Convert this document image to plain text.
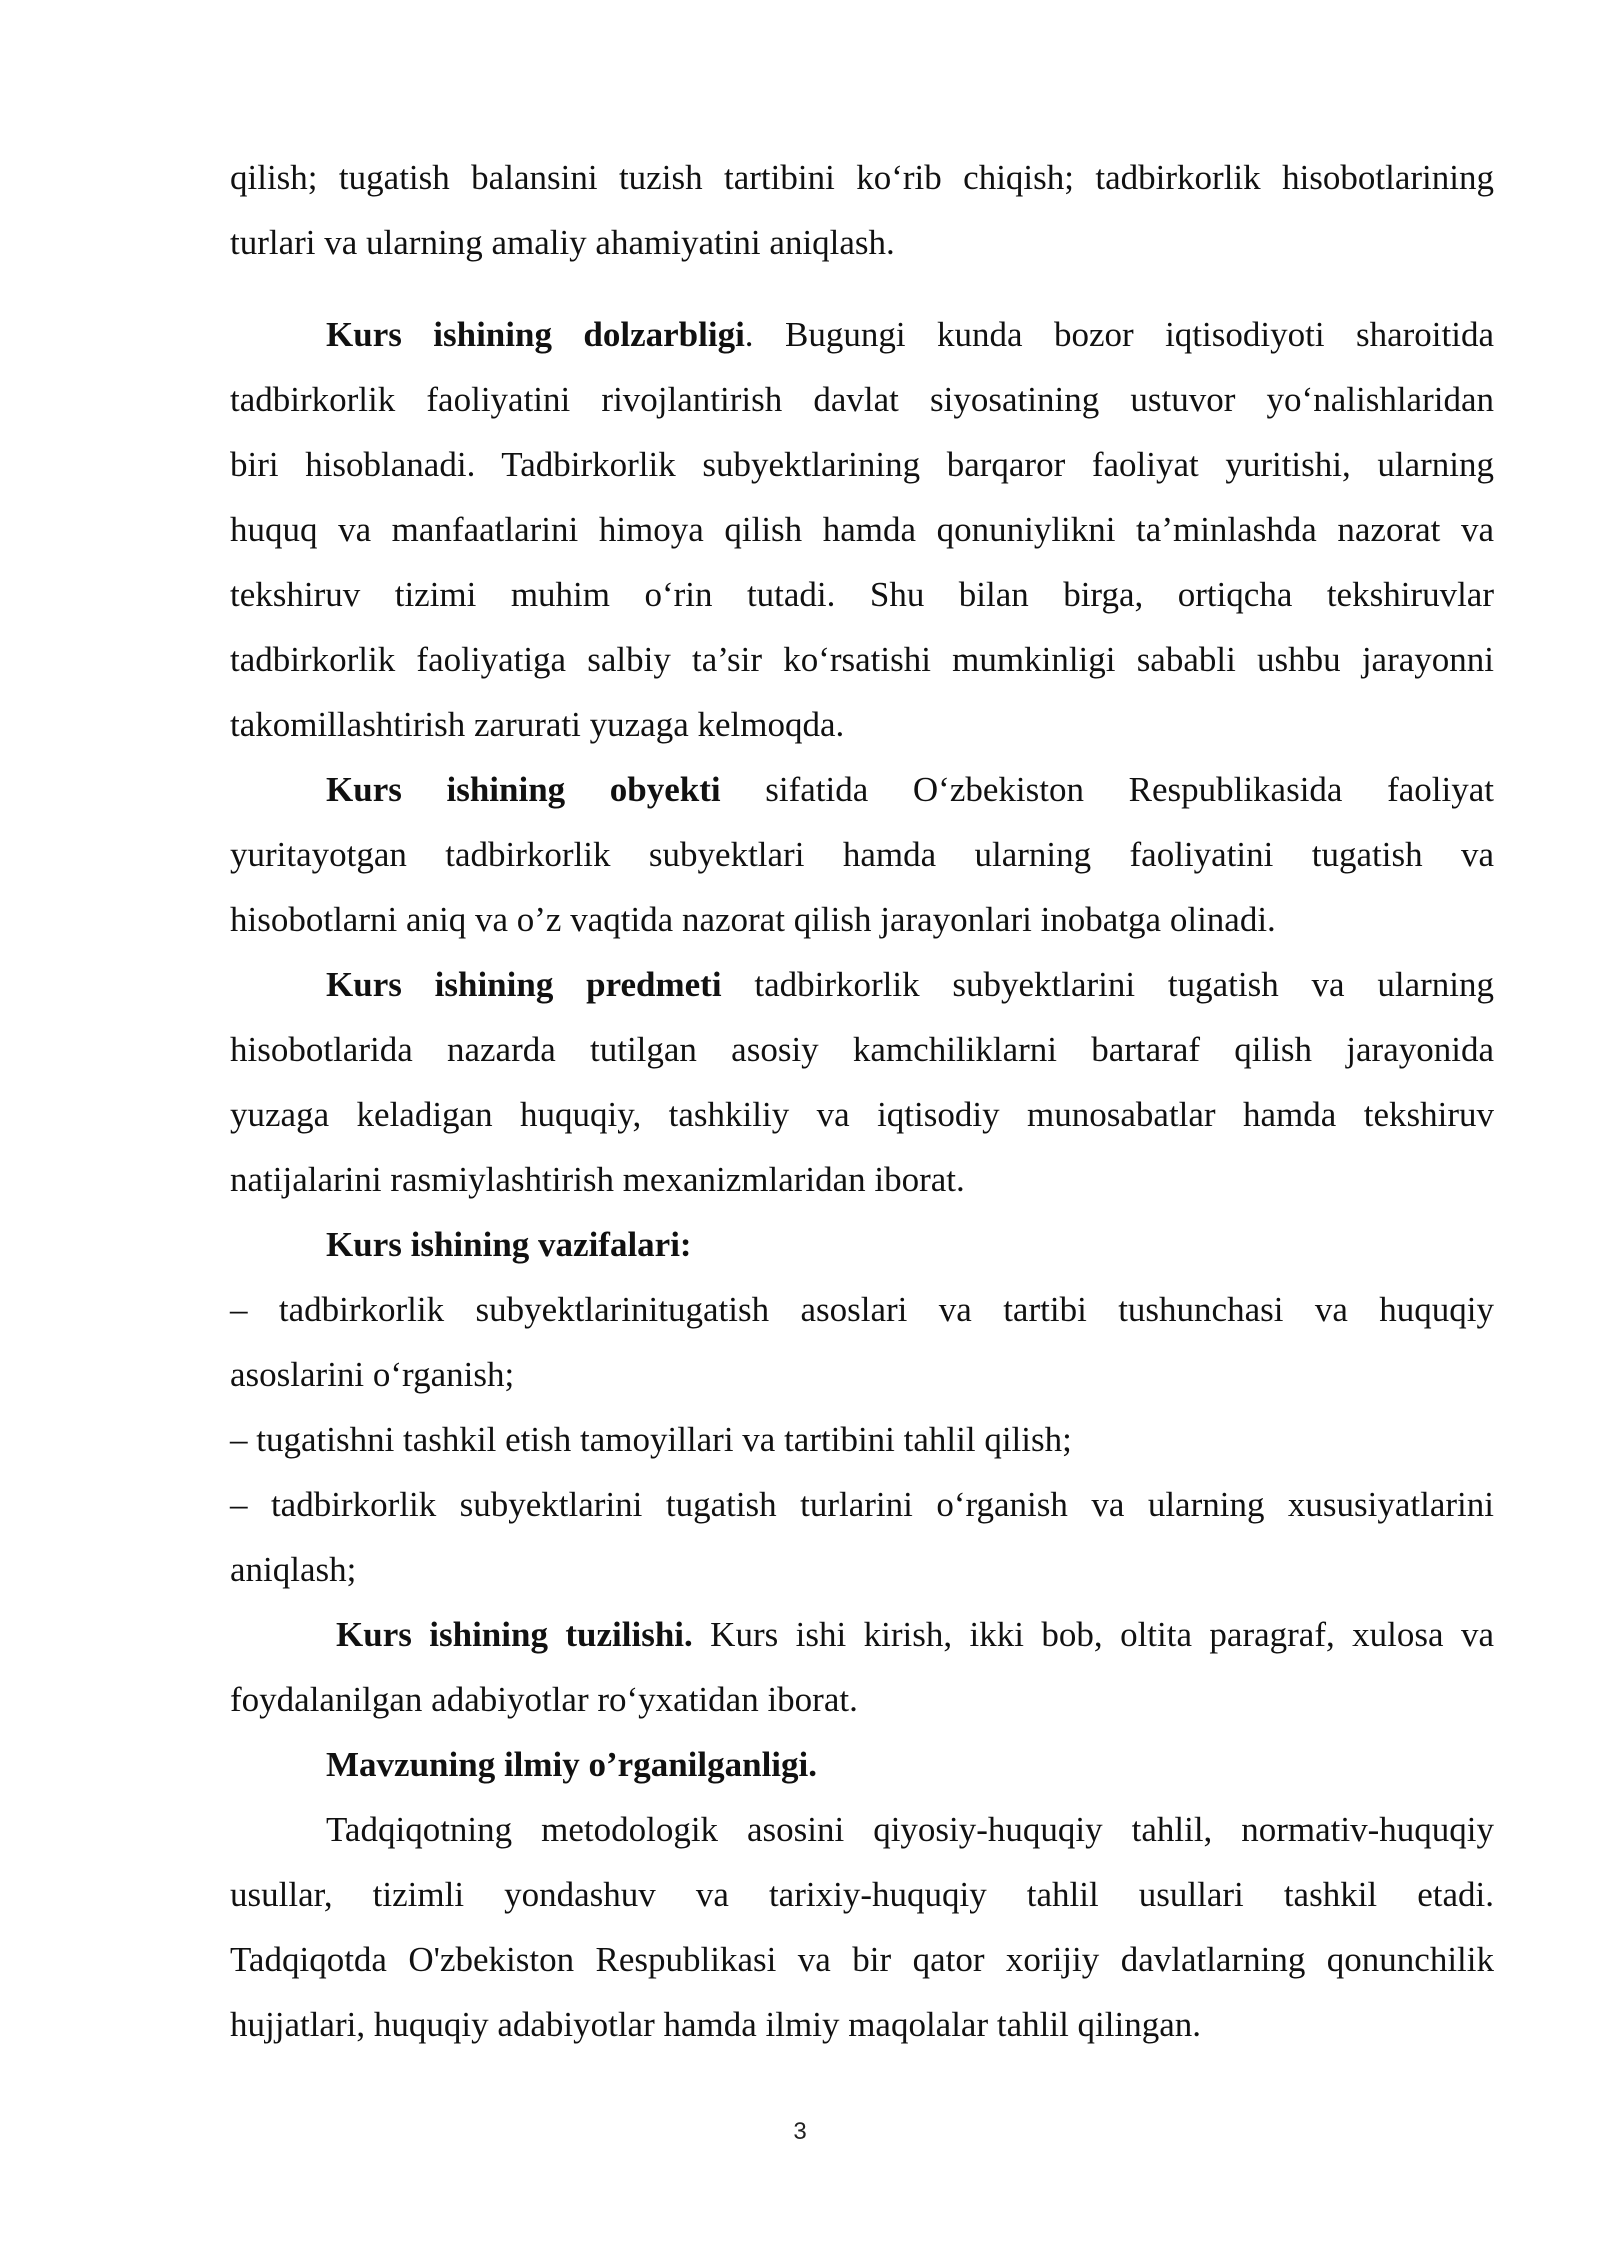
qilish; tugatish balansini tuzish tartibini ko‘rib chiqish; tadbirkorlik hisobotlarining
turlari va ularning amaliy ahamiyatini aniqlash.
Kurs ishining dolzarbligi. Bugungi kunda bozor iqtisodiyoti sharoitida
tadbirkorlik faoliyatini rivojlantirish davlat siyosatining ustuvor yo‘nalishlaridan
biri hisoblanadi. Tadbirkorlik subyektlarining barqaror faoliyat yuritishi, ularning
huquq va manfaatlarini himoya qilish hamda qonuniylikni ta’minlashda nazorat va
tekshiruv tizimi muhim o‘rin tutadi. Shu bilan birga, ortiqcha tekshiruvlar
tadbirkorlik faoliyatiga salbiy ta’sir ko‘rsatishi mumkinligi sababli ushbu jarayonni
takomillashtirish zarurati yuzaga kelmoqda.
Kurs ishining obyekti sifatida O‘zbekiston Respublikasida faoliyat
yuritayotgan tadbirkorlik subyektlari hamda ularning faoliyatini tugatish va
hisobotlarni aniq va o’z vaqtida nazorat qilish jarayonlari inobatga olinadi.
Kurs ishining predmeti tadbirkorlik subyektlarini tugatish va ularning
hisobotlarida nazarda tutilgan asosiy kamchiliklarni bartaraf qilish jarayonida
yuzaga keladigan huquqiy, tashkiliy va iqtisodiy munosabatlar hamda tekshiruv
natijalarini rasmiylashtirish mexanizmlaridan iborat.
Kurs ishining vazifalari:
– tadbirkorlik subyektlarinitugatish asoslari va tartibi tushunchasi va huquqiy
asoslarini o‘rganish;
– tugatishni tashkil etish tamoyillari va tartibini tahlil qilish;
– tadbirkorlik subyektlarini tugatish turlarini o‘rganish va ularning xususiyatlarini
aniqlash;
Kurs ishining tuzilishi. Kurs ishi kirish, ikki bob, oltita paragraf, xulosa va
foydalanilgan adabiyotlar ro‘yxatidan iborat.
Mavzuning ilmiy o’rganilganligi.
Tadqiqotning metodologik asosini qiyosiy-huquqiy tahlil, normativ-huquqiy
usullar, tizimli yondashuv va tarixiy-huquqiy tahlil usullari tashkil etadi.
Tadqiqotda O'zbekiston Respublikasi va bir qator xorijiy davlatlarning qonunchilik
hujjatlari, huquqiy adabiyotlar hamda ilmiy maqolalar tahlil qilingan.
3
